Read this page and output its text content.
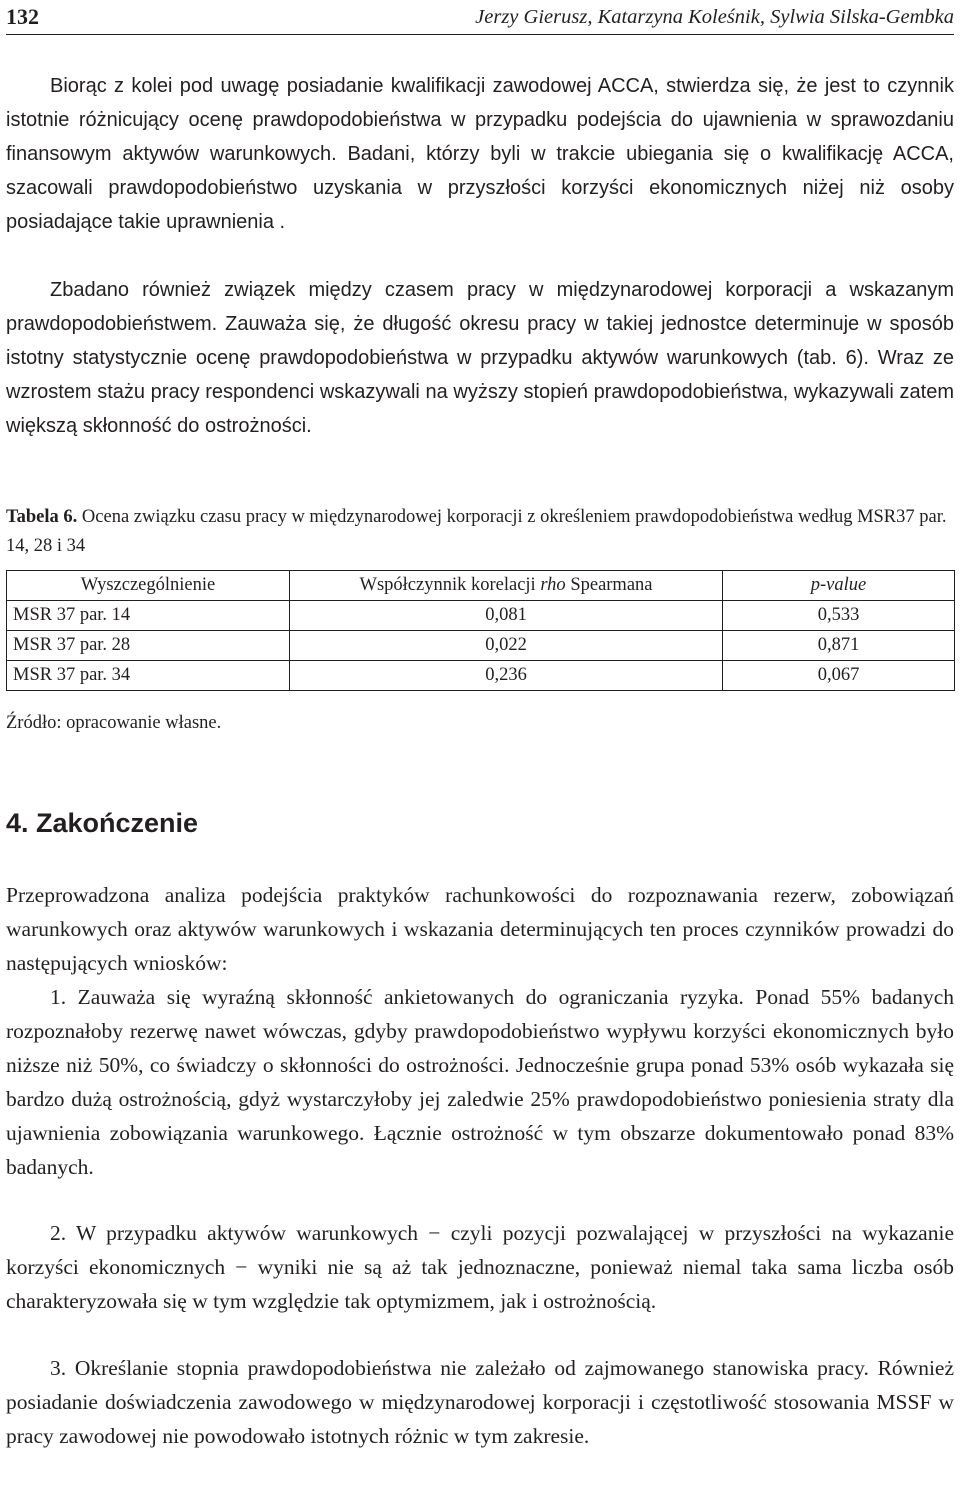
132	Jerzy Gierusz, Katarzyna Koleśnik, Sylwia Silska-Gembka

Biorąc z kolei pod uwagę posiadanie kwalifikacji zawodowej ACCA, stwierdza się, że jest to czynnik istotnie różnicujący ocenę prawdopodobieństwa w przypadku podejścia do ujawnienia w sprawozdaniu finansowym aktywów warunkowych. Badani, którzy byli w trakcie ubiegania się o kwalifikację ACCA, szacowali prawdopodobieństwo uzyskania w przyszłości korzyści ekonomicznych niżej niż osoby posiadające takie uprawnienia .

Zbadano również związek między czasem pracy w międzynarodowej korporacji a wskazanym prawdopodobieństwem. Zauważa się, że długość okresu pracy w takiej jednostce determinuje w sposób istotny statystycznie ocenę prawdopodobieństwa w przypadku aktywów warunkowych (tab. 6). Wraz ze wzrostem stażu pracy respondenci wskazywali na wyższy stopień prawdopodobieństwa, wykazywali zatem większą skłonność do ostrożności.

Tabela 6. Ocena związku czasu pracy w międzynarodowej korporacji z określeniem prawdopodobieństwa według MSR37 par. 14, 28 i 34
Wyszczególnienie	Współczynnik korelacji rho Spearmana	p-value
MSR 37 par. 14	0,081	0,533
MSR 37 par. 28	0,022	0,871
MSR 37 par. 34	0,236	0,067
Źródło: opracowanie własne.
4. Zakończenie

Przeprowadzona analiza podejścia praktyków rachunkowości do rozpoznawania rezerw, zobowiązań warunkowych oraz aktywów warunkowych i wskazania determinujących ten proces czynników prowadzi do następujących wniosków:

1. Zauważa się wyraźną skłonność ankietowanych do ograniczania ryzyka. Ponad 55% badanych rozpoznałoby rezerwę nawet wówczas, gdyby prawdopodobieństwo wypływu korzyści ekonomicznych było niższe niż 50%, co świadczy o skłonności do ostrożności. Jednocześnie grupa ponad 53% osób wykazała się bardzo dużą ostrożnością, gdyż wystarczyłoby jej zaledwie 25% prawdopodobieństwo poniesienia straty dla ujawnienia zobowiązania warunkowego. Łącznie ostrożność w tym obszarze dokumentowało ponad 83% badanych.

2. W przypadku aktywów warunkowych − czyli pozycji pozwalającej w przyszłości na wykazanie korzyści ekonomicznych − wyniki nie są aż tak jednoznaczne, ponieważ niemal taka sama liczba osób charakteryzowała się w tym względzie tak optymizmem, jak i ostrożnością.

3. Określanie stopnia prawdopodobieństwa nie zależało od zajmowanego stanowiska pracy. Również posiadanie doświadczenia zawodowego w międzynarodowej korporacji i częstotliwość stosowania MSSF w pracy zawodowej nie powodowało istotnych różnic w tym zakresie.
